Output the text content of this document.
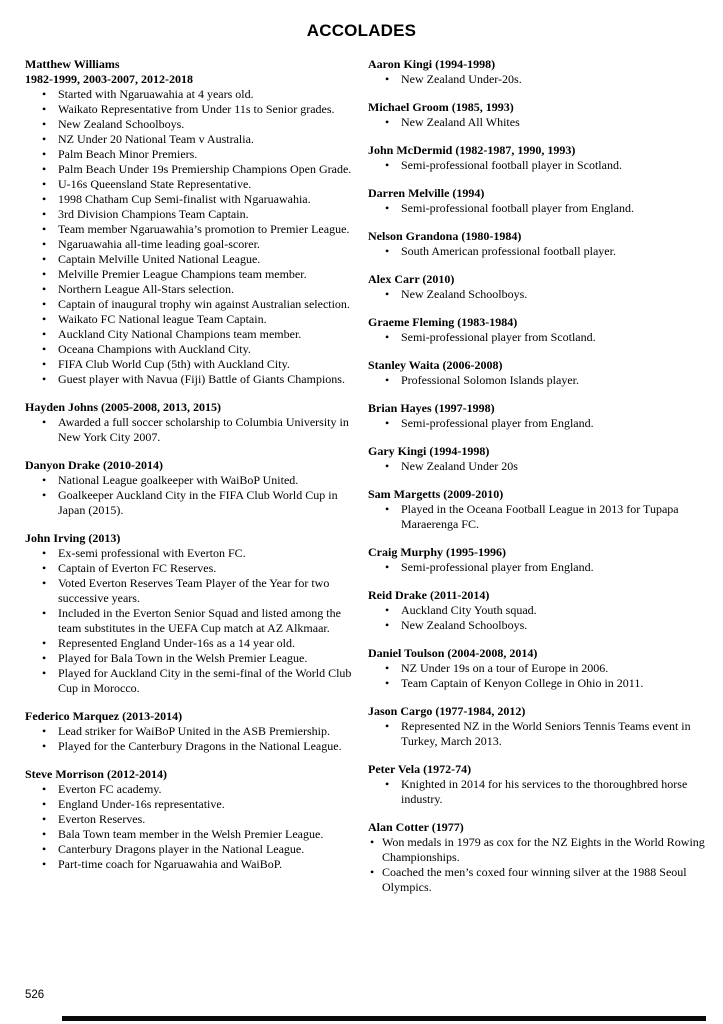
ACCOLADES
Matthew Williams
1982-1999, 2003-2007, 2012-2018
• Started with Ngaruawahia at 4 years old.
• Waikato Representative from Under 11s to Senior grades.
• New Zealand Schoolboys.
• NZ Under 20 National Team v Australia.
• Palm Beach Minor Premiers.
• Palm Beach Under 19s Premiership Champions Open Grade.
• U-16s Queensland State Representative.
• 1998 Chatham Cup Semi-finalist with Ngaruawahia.
• 3rd Division Champions Team Captain.
• Team member Ngaruawahia’s promotion to Premier League.
• Ngaruawahia all-time leading goal-scorer.
• Captain Melville United National League.
• Melville Premier League Champions team member.
• Northern League All-Stars selection.
• Captain of inaugural trophy win against Australian selection.
• Waikato FC National league Team Captain.
• Auckland City National Champions team member.
• Oceana Champions with Auckland City.
• FIFA Club World Cup (5th) with Auckland City.
• Guest player with Navua (Fiji) Battle of Giants Champions.
Hayden Johns (2005-2008, 2013, 2015)
• Awarded a full soccer scholarship to Columbia University in New York City 2007.
Danyon Drake (2010-2014)
• National League goalkeeper with WaiBoP United.
• Goalkeeper Auckland City in the FIFA Club World Cup in Japan (2015).
John Irving (2013)
• Ex-semi professional with Everton FC.
• Captain of Everton FC Reserves.
• Voted Everton Reserves Team Player of the Year for two successive years.
• Included in the Everton Senior Squad and listed among the team substitutes in the UEFA Cup match at AZ Alkmaar.
• Represented England Under-16s as a 14 year old.
• Played for Bala Town in the Welsh Premier League.
• Played for Auckland City in the semi-final of the World Club Cup in Morocco.
Federico Marquez (2013-2014)
• Lead striker for WaiBoP United in the ASB Premiership.
• Played for the Canterbury Dragons in the National League.
Steve Morrison (2012-2014)
• Everton FC academy.
• England Under-16s representative.
• Everton Reserves.
• Bala Town team member in the Welsh Premier League.
• Canterbury Dragons player in the National League.
• Part-time coach for Ngaruawahia and WaiBoP.
Aaron Kingi (1994-1998)
• New Zealand Under-20s.
Michael Groom (1985, 1993)
• New Zealand All Whites
John McDermid (1982-1987, 1990, 1993)
• Semi-professional football player in Scotland.
Darren Melville (1994)
• Semi-professional football player from England.
Nelson Grandona (1980-1984)
• South American professional football player.
Alex Carr (2010)
• New Zealand Schoolboys.
Graeme Fleming (1983-1984)
• Semi-professional player from Scotland.
Stanley Waita (2006-2008)
• Professional Solomon Islands player.
Brian Hayes (1997-1998)
• Semi-professional player from England.
Gary Kingi (1994-1998)
• New Zealand Under 20s
Sam Margetts (2009-2010)
• Played in the Oceana Football League in 2013 for Tupapa Maraerenga FC.
Craig Murphy (1995-1996)
• Semi-professional player from England.
Reid Drake (2011-2014)
• Auckland City Youth squad.
• New Zealand Schoolboys.
Daniel Toulson (2004-2008, 2014)
• NZ Under 19s on a tour of Europe in 2006.
• Team Captain of Kenyon College in Ohio in 2011.
Jason Cargo (1977-1984, 2012)
• Represented NZ in the World Seniors Tennis Teams event in Turkey, March 2013.
Peter Vela (1972-74)
• Knighted in 2014 for his services to the thoroughbred horse industry.
Alan Cotter (1977)
• Won medals in 1979 as cox for the NZ Eights in the World Rowing Championships.
• Coached the men’s coxed four winning silver at the 1988 Seoul Olympics.
526
